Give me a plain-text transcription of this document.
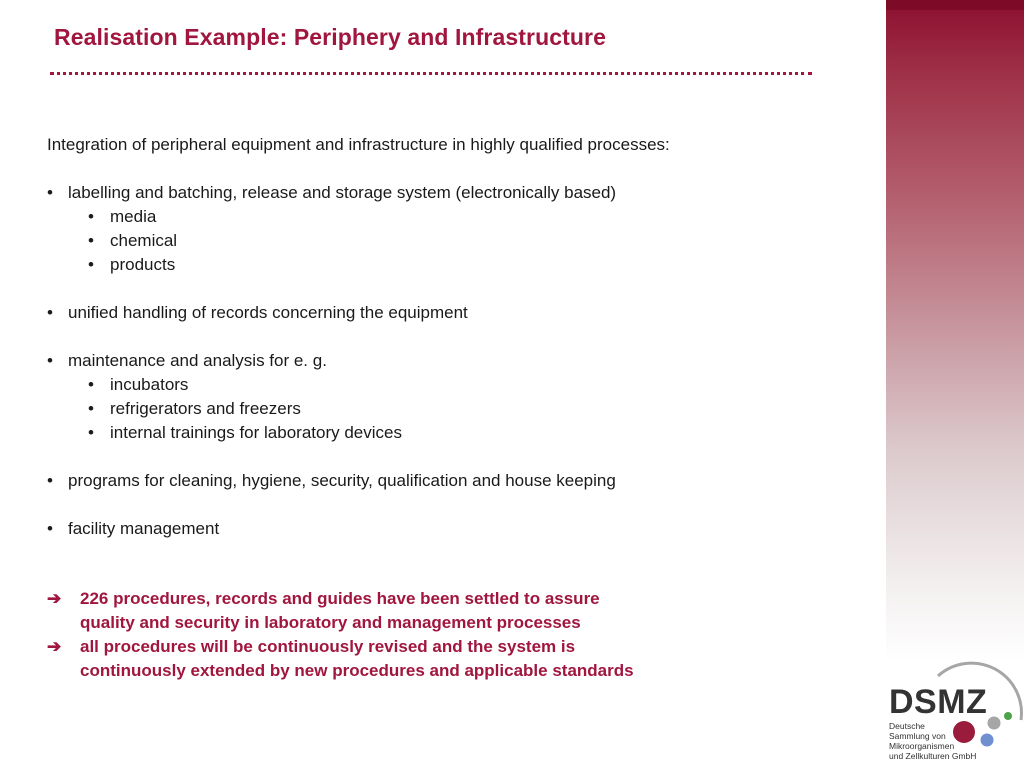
Realisation Example: Periphery and Infrastructure

Integration of peripheral equipment and infrastructure in highly qualified processes:

• labelling and batching, release and storage system (electronically based)

• media

• chemical

• products

• unified handling of records concerning the equipment

• maintenance and analysis for e. g.

• incubators

• refrigerators and freezers

• internal trainings for laboratory devices

• programs for cleaning, hygiene, security, qualification and house keeping

• facility management

➔ 226 procedures, records and guides have been settled to assure
quality and security in laboratory and management processes

➔ all procedures will be continuously revised and the system is
continuously extended by new procedures and applicable standards

DSMZ
Deutsche
Sammlung von
Mikroorganismen
und Zellkulturen GmbH
